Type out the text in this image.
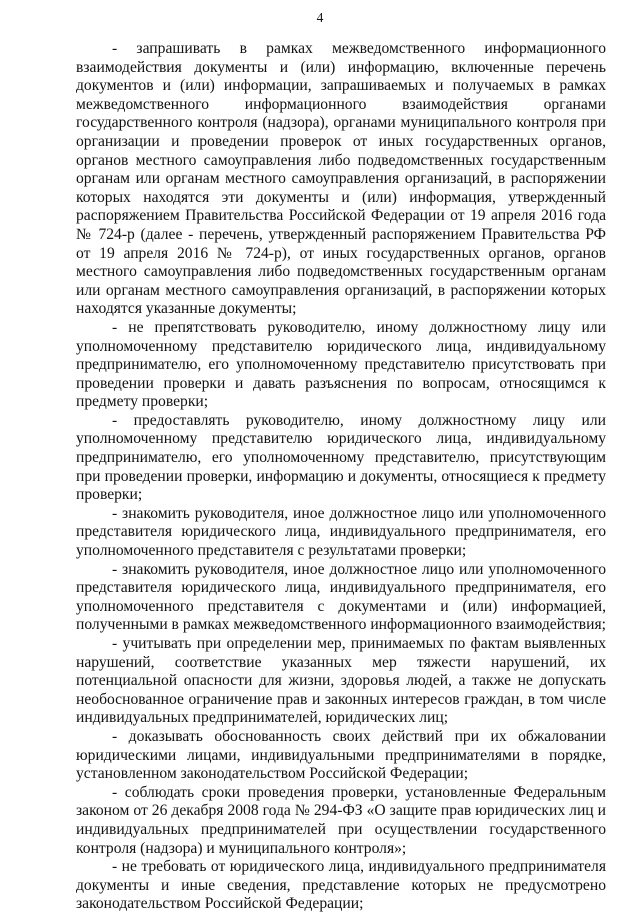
4

- запрашивать в рамках межведомственного информационного взаимодействия документы и (или) информацию, включенные перечень документов и (или) информации, запрашиваемых и получаемых в рамках межведомственного информационного взаимодействия органами государственного контроля (надзора), органами муниципального контроля при организации и проведении проверок от иных государственных органов, органов местного самоуправления либо подведомственных государственным органам или органам местного самоуправления организаций, в распоряжении которых находятся эти документы и (или) информация, утвержденный распоряжением Правительства Российской Федерации от 19 апреля 2016 года № 724-р (далее - перечень, утвержденный распоряжением Правительства РФ от 19 апреля 2016 № 724-р), от иных государственных органов, органов местного самоуправления либо подведомственных государственным органам или органам местного самоуправления организаций, в распоряжении которых находятся указанные документы;

- не препятствовать руководителю, иному должностному лицу или уполномоченному представителю юридического лица, индивидуальному предпринимателю, его уполномоченному представителю присутствовать при проведении проверки и давать разъяснения по вопросам, относящимся к предмету проверки;

- предоставлять руководителю, иному должностному лицу или уполномоченному представителю юридического лица, индивидуальному предпринимателю, его уполномоченному представителю, присутствующим при проведении проверки, информацию и документы, относящиеся к предмету проверки;

- знакомить руководителя, иное должностное лицо или уполномоченного представителя юридического лица, индивидуального предпринимателя, его уполномоченного представителя с результатами проверки;

- знакомить руководителя, иное должностное лицо или уполномоченного представителя юридического лица, индивидуального предпринимателя, его уполномоченного представителя с документами и (или) информацией, полученными в рамках межведомственного информационного взаимодействия;

- учитывать при определении мер, принимаемых по фактам выявленных нарушений, соответствие указанных мер тяжести нарушений, их потенциальной опасности для жизни, здоровья людей, а также не допускать необоснованное ограничение прав и законных интересов граждан, в том числе индивидуальных предпринимателей, юридических лиц;

- доказывать обоснованность своих действий при их обжаловании юридическими лицами, индивидуальными предпринимателями в порядке, установленном законодательством Российской Федерации;

- соблюдать сроки проведения проверки, установленные Федеральным законом от 26 декабря 2008 года № 294-ФЗ «О защите прав юридических лиц и индивидуальных предпринимателей при осуществлении государственного контроля (надзора) и муниципального контроля»;

- не требовать от юридического лица, индивидуального предпринимателя документы и иные сведения, представление которых не предусмотрено законодательством Российской Федерации;
